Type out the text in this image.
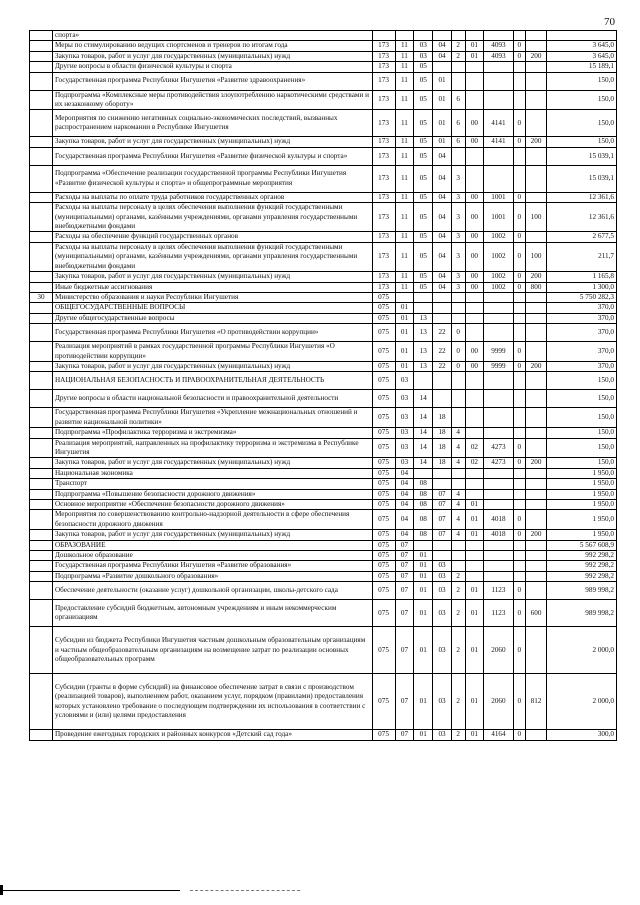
70
	спорта»										
	Меры по стимулированию ведущих спортсменов и тренеров по итогам года	173	11	03	04	2	01	4093	0		3 645,0
	Закупка товаров, работ и услуг для государственных (муниципальных) нужд	173	11	03	04	2	01	4093	0	200	3 645,0
	Другие вопросы в области физической культуры и спорта	173	11	05							15 189,1
	Государственная программа Республики Ингушетия «Развитие здравоохранения»	173	11	05	01						150,0
	Подпрограмма «Комплексные меры противодействия злоупотреблению наркотическими средствами и их незаконному обороту»	173	11	05	01	6					150,0
	Мероприятия по снижению негативных социально-экономических последствий, вызванных распространением наркомании в Республике Ингушетия	173	11	05	01	6	00	4141	0		150,0
	Закупка товаров, работ и услуг для государственных (муниципальных) нужд	173	11	05	01	6	00	4141	0	200	150,0
	Государственная программа Республики Ингушетия «Развитие физической культуры и спорта»	173	11	05	04						15 039,1
	Подпрограмма «Обеспечение реализации государственной программы Республики Ингушетия «Развитие физической культуры и спорта» и общепрограммные мероприятия	173	11	05	04	3					15 039,1
	Расходы на выплаты по оплате труда работников государственных органов	173	11	05	04	3	00	1001	0		12 361,6
	Расходы на выплаты персоналу в целях обеспечения выполнения функций государственными (муниципальными) органами, казёнными учреждениями, органами управления государственными внебюджетными фондами	173	11	05	04	3	00	1001	0	100	12 361,6
	Расходы на обеспечение функций государственных органов	173	11	05	04	3	00	1002	0		2 677,5
	Расходы на выплаты персоналу в целях обеспечения выполнения функций государственными (муниципальными) органами, казёнными учреждениями, органами управления государственными внебюджетными фондами	173	11	05	04	3	00	1002	0	100	211,7
	Закупка товаров, работ и услуг для государственных (муниципальных) нужд	173	11	05	04	3	00	1002	0	200	1 165,8
	Иные бюджетные ассигнования	173	11	05	04	3	00	1002	0	800	1 300,0
30	Министерство образования и науки Республики Ингушетия	075									5 750 282,3
	ОБЩЕГОСУДАРСТВЕННЫЕ ВОПРОСЫ	075	01								370,0
	Другие общегосударственные вопросы	075	01	13							370,0
	Государственная программа Республики Ингушетия «О противодействии коррупции»	075	01	13	22	0					370,0
	Реализация мероприятий в рамках государственной программы Республики Ингушетия «О противодействии коррупции»	075	01	13	22	0	00	9999	0		370,0
	Закупка товаров, работ и услуг для государственных (муниципальных) нужд	075	01	13	22	0	00	9999	0	200	370,0
	НАЦИОНАЛЬНАЯ БЕЗОПАСНОСТЬ И ПРАВООХРАНИТЕЛЬНАЯ ДЕЯТЕЛЬНОСТЬ	075	03								150,0
	Другие вопросы в области национальной безопасности и правоохранительной деятельности	075	03	14							150,0
	Государственная программа Республики Ингушетия «Укрепление межнациональных отношений и развитие национальной политики»	075	03	14	18						150,0
	Подпрограмма «Профилактика терроризма и экстремизма»	075	03	14	18	4					150,0
	Реализация мероприятий, направленных на профилактику терроризма и экстремизма в Республике Ингушетия	075	03	14	18	4	02	4273	0		150,0
	Закупка товаров, работ и услуг для государственных (муниципальных) нужд	075	03	14	18	4	02	4273	0	200	150,0
	Национальная экономика	075	04								1 950,0
	Транспорт	075	04	08							1 950,0
	Подпрограмма «Повышение безопасности дорожного движения»	075	04	08	07	4					1 950,0
	Основное мероприятие «Обеспечение безопасности дорожного движения»	075	04	08	07	4	01				1 950,0
	Мероприятия по совершенствованию контрольно-надзорной деятельности в сфере обеспечения безопасности дорожного движения	075	04	08	07	4	01	4018	0		1 950,0
	Закупка товаров, работ и услуг для государственных (муниципальных) нужд	075	04	08	07	4	01	4018	0	200	1 950,0
	ОБРАЗОВАНИЕ	075	07								5 567 608,9
	Дошкольное образование	075	07	01							992 298,2
	Государственная программа Республики Ингушетия «Развитие образования»	075	07	01	03						992 298,2
	Подпрограмма «Развитие дошкольного образования»	075	07	01	03	2					992 298,2
	Обеспечение деятельности (оказание услуг) дошкольной организации, школы-детского сада	075	07	01	03	2	01	1123	0		989 998,2
	Предоставление субсидий бюджетным, автономным учреждениям и иным некоммерческим организациям	075	07	01	03	2	01	1123	0	600	989 998,2
	Субсидии из бюджета Республики Ингушетия частным дошкольным образовательным организациям и частным общеобразовательным организациям на возмещение затрат по реализации основных общеобразовательных программ	075	07	01	03	2	01	2060	0		2 000,0
	Субсидии (гранты в форме субсидий) на финансовое обеспечение затрат в связи с производством (реализацией товаров), выполнением работ, оказанием услуг, порядком (правилами) предоставления которых установлено требование о последующем подтверждении их использования в соответствии с условиями и (или) целями предоставления	075	07	01	03	2	01	2060	0	812	2 000,0
	Проведение ежегодных городских и районных конкурсов «Детский сад года»	075	07	01	03	2	01	4164	0		300,0
